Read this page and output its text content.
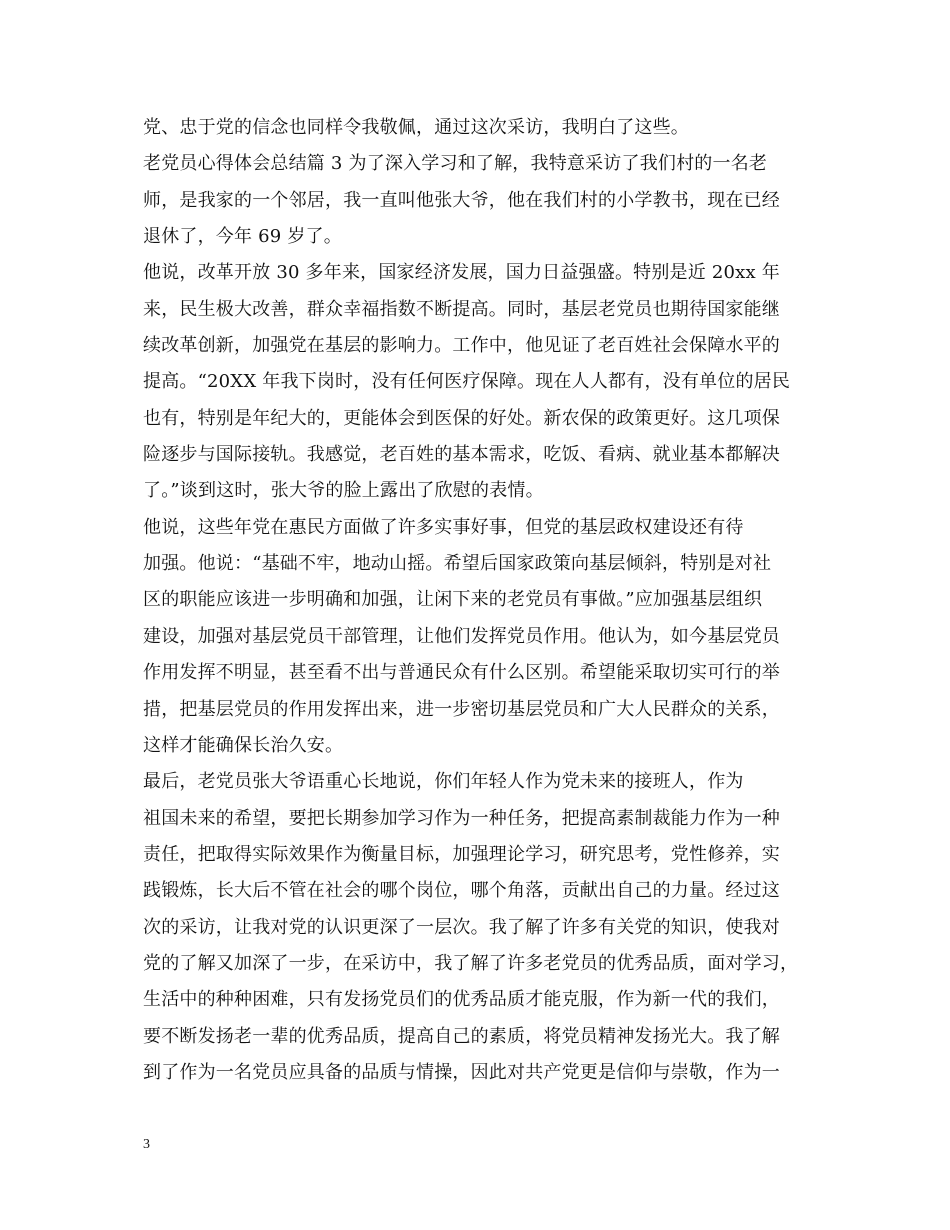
党、忠于党的信念也同样令我敬佩，通过这次采访，我明白了这些。
老党员心得体会总结篇 3 为了深入学习和了解，我特意采访了我们村的一名老
师，是我家的一个邻居，我一直叫他张大爷，他在我们村的小学教书，现在已经
退休了，今年 69 岁了。
他说，改革开放 30 多年来，国家经济发展，国力日益强盛。特别是近 20xx 年
来，民生极大改善，群众幸福指数不断提高。同时，基层老党员也期待国家能继
续改革创新，加强党在基层的影响力。工作中，他见证了老百姓社会保障水平的
提高。“20XX 年我下岗时，没有任何医疗保障。现在人人都有，没有单位的居民
也有，特别是年纪大的，更能体会到医保的好处。新农保的政策更好。这几项保
险逐步与国际接轨。我感觉，老百姓的基本需求，吃饭、看病、就业基本都解决
了。”谈到这时，张大爷的脸上露出了欣慰的表情。
他说，这些年党在惠民方面做了许多实事好事，但党的基层政权建设还有待
加强。他说：“基础不牢，地动山摇。希望后国家政策向基层倾斜，特别是对社
区的职能应该进一步明确和加强，让闲下来的老党员有事做。”应加强基层组织
建设，加强对基层党员干部管理，让他们发挥党员作用。他认为，如今基层党员
作用发挥不明显，甚至看不出与普通民众有什么区别。希望能采取切实可行的举
措，把基层党员的作用发挥出来，进一步密切基层党员和广大人民群众的关系，
这样才能确保长治久安。
最后，老党员张大爷语重心长地说，你们年轻人作为党未来的接班人，作为
祖国未来的希望，要把长期参加学习作为一种任务，把提高素制裁能力作为一种
责任，把取得实际效果作为衡量目标，加强理论学习，研究思考，党性修养，实
践锻炼，长大后不管在社会的哪个岗位，哪个角落，贡献出自己的力量。经过这
次的采访，让我对党的认识更深了一层次。我了解了许多有关党的知识，使我对
党的了解又加深了一步，在采访中，我了解了许多老党员的优秀品质，面对学习，
生活中的种种困难，只有发扬党员们的优秀品质才能克服，作为新一代的我们，
要不断发扬老一辈的优秀品质，提高自己的素质，将党员精神发扬光大。我了解
到了作为一名党员应具备的品质与情操，因此对共产党更是信仰与崇敬，作为一
3
